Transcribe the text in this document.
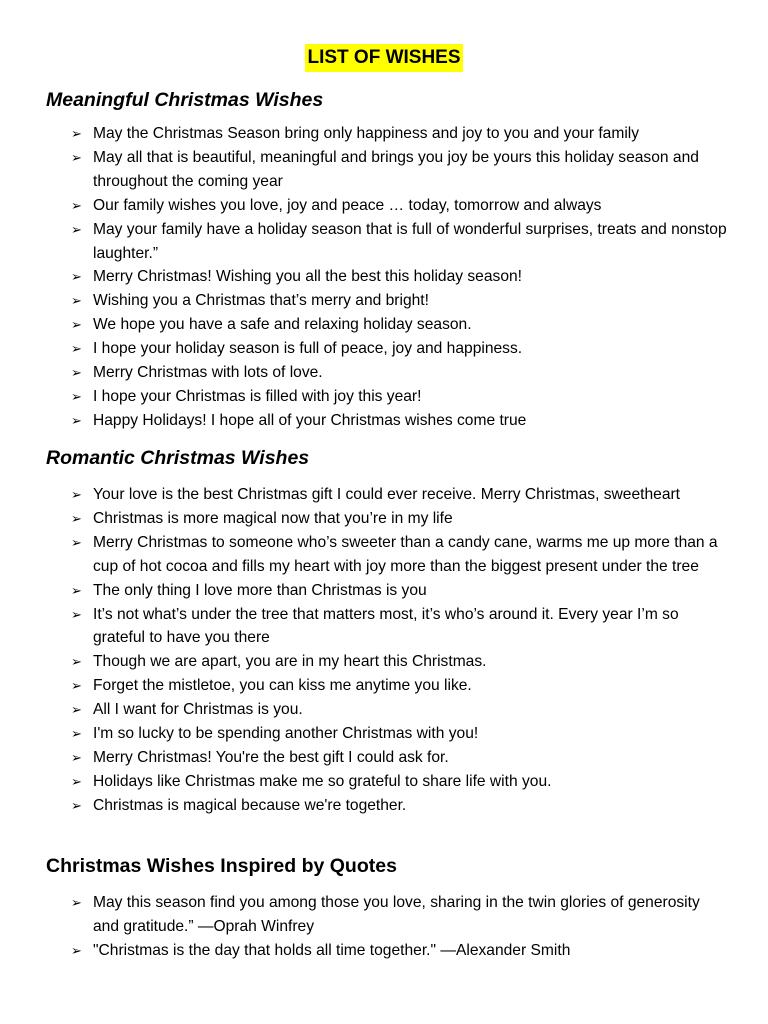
LIST OF WISHES
Meaningful Christmas Wishes
➢ May the Christmas Season bring only happiness and joy to you and your family
➢ May all that is beautiful, meaningful and brings you joy be yours this holiday season and throughout the coming year
➢ Our family wishes you love, joy and peace … today, tomorrow and always
➢ May your family have a holiday season that is full of wonderful surprises, treats and nonstop laughter.”
➢ Merry Christmas! Wishing you all the best this holiday season!
➢ Wishing you a Christmas that’s merry and bright!
➢ We hope you have a safe and relaxing holiday season.
➢ I hope your holiday season is full of peace, joy and happiness.
➢ Merry Christmas with lots of love.
➢ I hope your Christmas is filled with joy this year!
➢ Happy Holidays! I hope all of your Christmas wishes come true
Romantic Christmas Wishes
➢ Your love is the best Christmas gift I could ever receive. Merry Christmas, sweetheart
➢ Christmas is more magical now that you’re in my life
➢ Merry Christmas to someone who’s sweeter than a candy cane, warms me up more than a cup of hot cocoa and fills my heart with joy more than the biggest present under the tree
➢ The only thing I love more than Christmas is you
➢ It’s not what’s under the tree that matters most, it’s who’s around it. Every year I’m so grateful to have you there
➢ Though we are apart, you are in my heart this Christmas.
➢ Forget the mistletoe, you can kiss me anytime you like.
➢ All I want for Christmas is you.
➢ I'm so lucky to be spending another Christmas with you!
➢ Merry Christmas! You're the best gift I could ask for.
➢ Holidays like Christmas make me so grateful to share life with you.
➢ Christmas is magical because we're together.
Christmas Wishes Inspired by Quotes
➢ May this season find you among those you love, sharing in the twin glories of generosity and gratitude.” —Oprah Winfrey
➢ "Christmas is the day that holds all time together." —Alexander Smith
